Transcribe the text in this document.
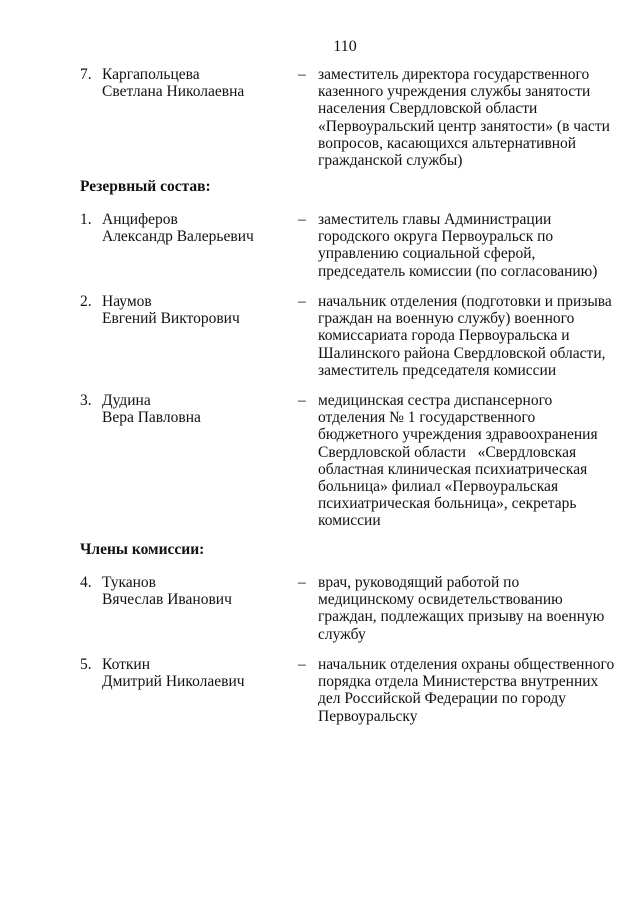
110
7. Каргапольцева
Светлана Николаевна
– заместитель директора государственного
казенного учреждения службы занятости
населения Свердловской области
«Первоуральский центр занятости» (в части
вопросов, касающихся альтернативной
гражданской службы)
Резервный состав:
1. Анциферов
Александр Валерьевич
– заместитель главы Администрации
городского округа Первоуральск по
управлению социальной сферой,
председатель комиссии (по согласованию)
2. Наумов
Евгений Викторович
– начальник отделения (подготовки и призыва
граждан на военную службу) военного
комиссариата города Первоуральска и
Шалинского района Свердловской области,
заместитель председателя комиссии
3. Дудина
Вера Павловна
– медицинская сестра диспансерного
отделения № 1 государственного
бюджетного учреждения здравоохранения
Свердловской области   «Свердловская
областная клиническая психиатрическая
больница» филиал «Первоуральская
психиатрическая больница», секретарь
комиссии
Члены комиссии:
4. Туканов
Вячеслав Иванович
– врач, руководящий работой по
медицинскому освидетельствованию
граждан, подлежащих призыву на военную
службу
5. Коткин
Дмитрий Николаевич
– начальник отделения охраны общественного
порядка отдела Министерства внутренних
дел Российской Федерации по городу
Первоуральску
